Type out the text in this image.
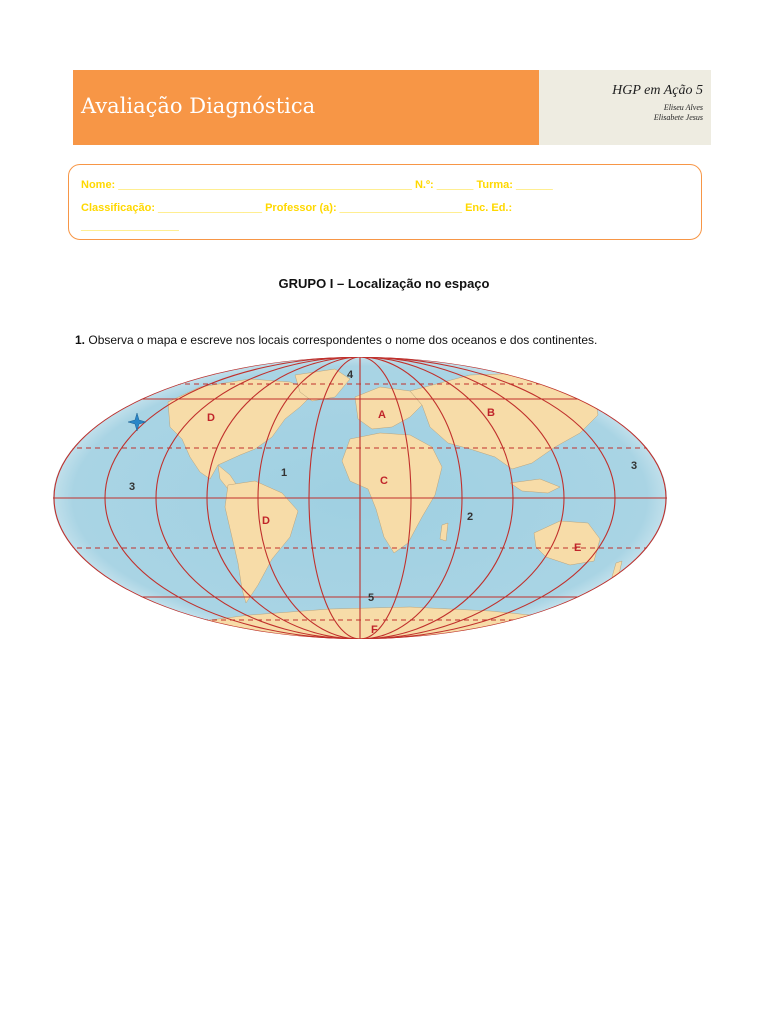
Avaliação Diagnóstica
HGP em Ação 5
Eliseu Alves
Elisabete Jesus
Nome: ________________________________________________ N.º: ______ Turma: ______
Classificação: _________________ Professor (a): ____________________ Enc. Ed.:
________________
GRUPO I – Localização no espaço
1. Observa o mapa e escreve nos locais correspondentes o nome dos oceanos e dos continentes.
D	A	B
C
D
E
F
4
1
3
3
2
5
